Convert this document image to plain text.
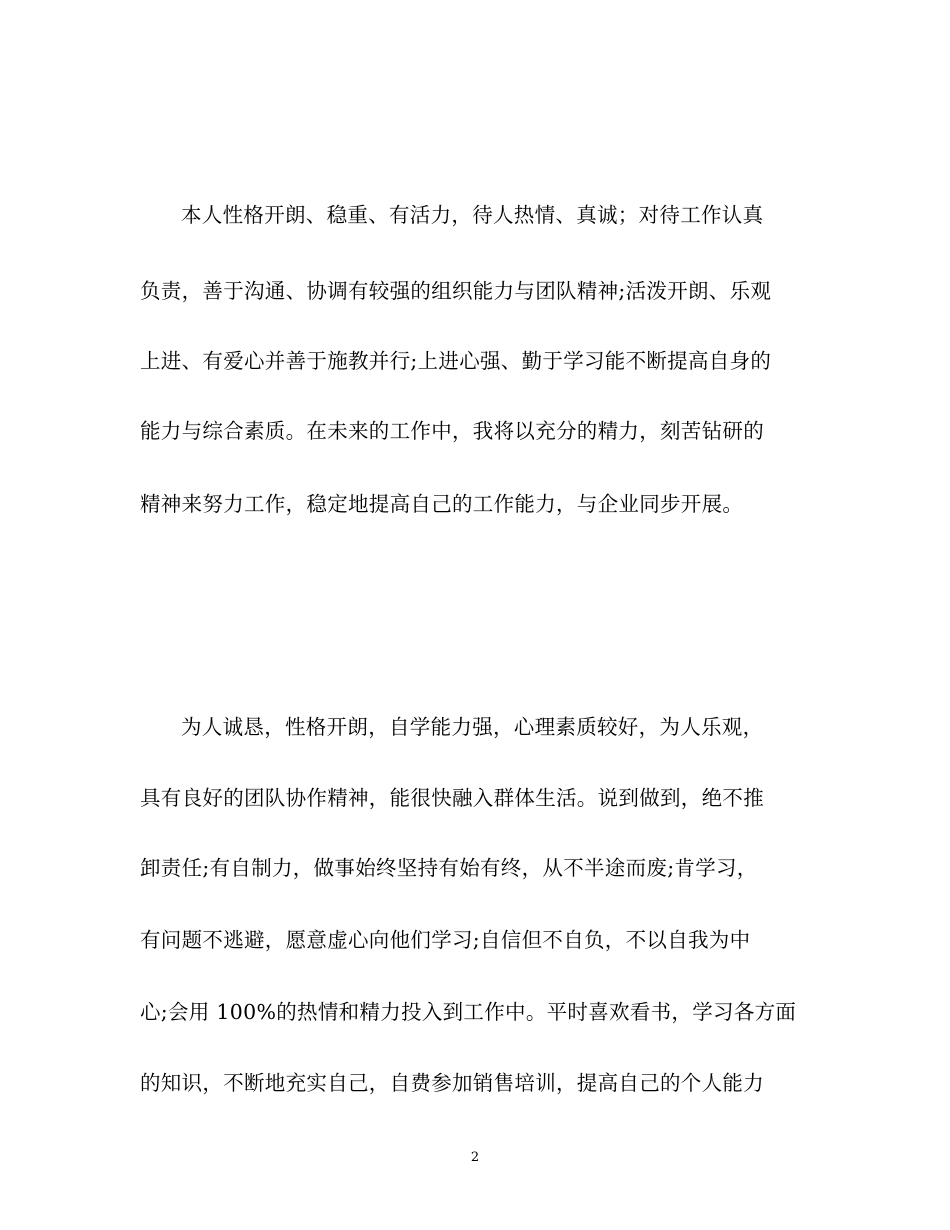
本人性格开朗、稳重、有活力，待人热情、真诚；对待工作认真
负责，善于沟通、协调有较强的组织能力与团队精神;活泼开朗、乐观
上进、有爱心并善于施教并行;上进心强、勤于学习能不断提高自身的
能力与综合素质。在未来的工作中，我将以充分的精力，刻苦钻研的
精神来努力工作，稳定地提高自己的工作能力，与企业同步开展。
为人诚恳，性格开朗，自学能力强，心理素质较好，为人乐观，
具有良好的团队协作精神，能很快融入群体生活。说到做到，绝不推
卸责任;有自制力，做事始终坚持有始有终，从不半途而废;肯学习，
有问题不逃避，愿意虚心向他们学习;自信但不自负，不以自我为中
心;会用 100%的热情和精力投入到工作中。平时喜欢看书，学习各方面
的知识，不断地充实自己，自费参加销售培训，提高自己的个人能力
2
